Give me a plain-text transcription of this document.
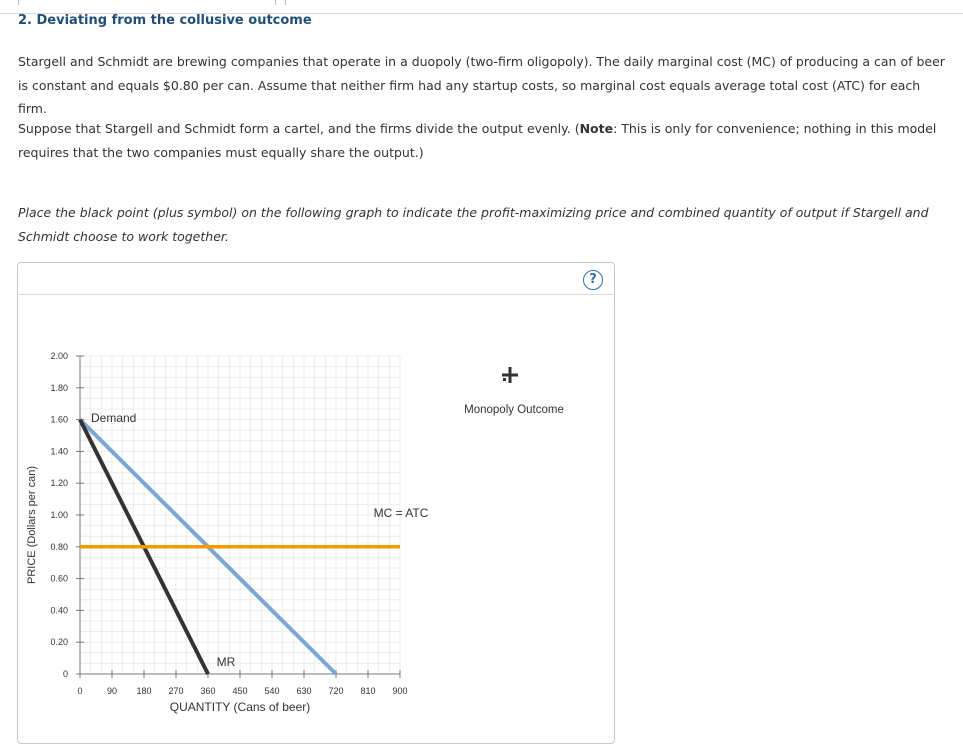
2. Deviating from the collusive outcome
Stargell and Schmidt are brewing companies that operate in a duopoly (two-firm oligopoly). The daily marginal cost (MC) of producing a can of beer is constant and equals $0.80 per can. Assume that neither firm had any startup costs, so marginal cost equals average total cost (ATC) for each firm.
Suppose that Stargell and Schmidt form a cartel, and the firms divide the output evenly. (Note: This is only for convenience; nothing in this model requires that the two companies must equally share the output.)
Place the black point (plus symbol) on the following graph to indicate the profit-maximizing price and combined quantity of output if Stargell and Schmidt choose to work together.
?
0	90 180 270 360 450 540 630 720 810 900
0
0.20
0.40
0.60
0.80
1.00
1.20
1.40
1.60
1.80
2.00
Demand
MR
MC = ATC
QUANTITY (Cans of beer)
PRICE (Dollars per can)
Monopoly Outcome
